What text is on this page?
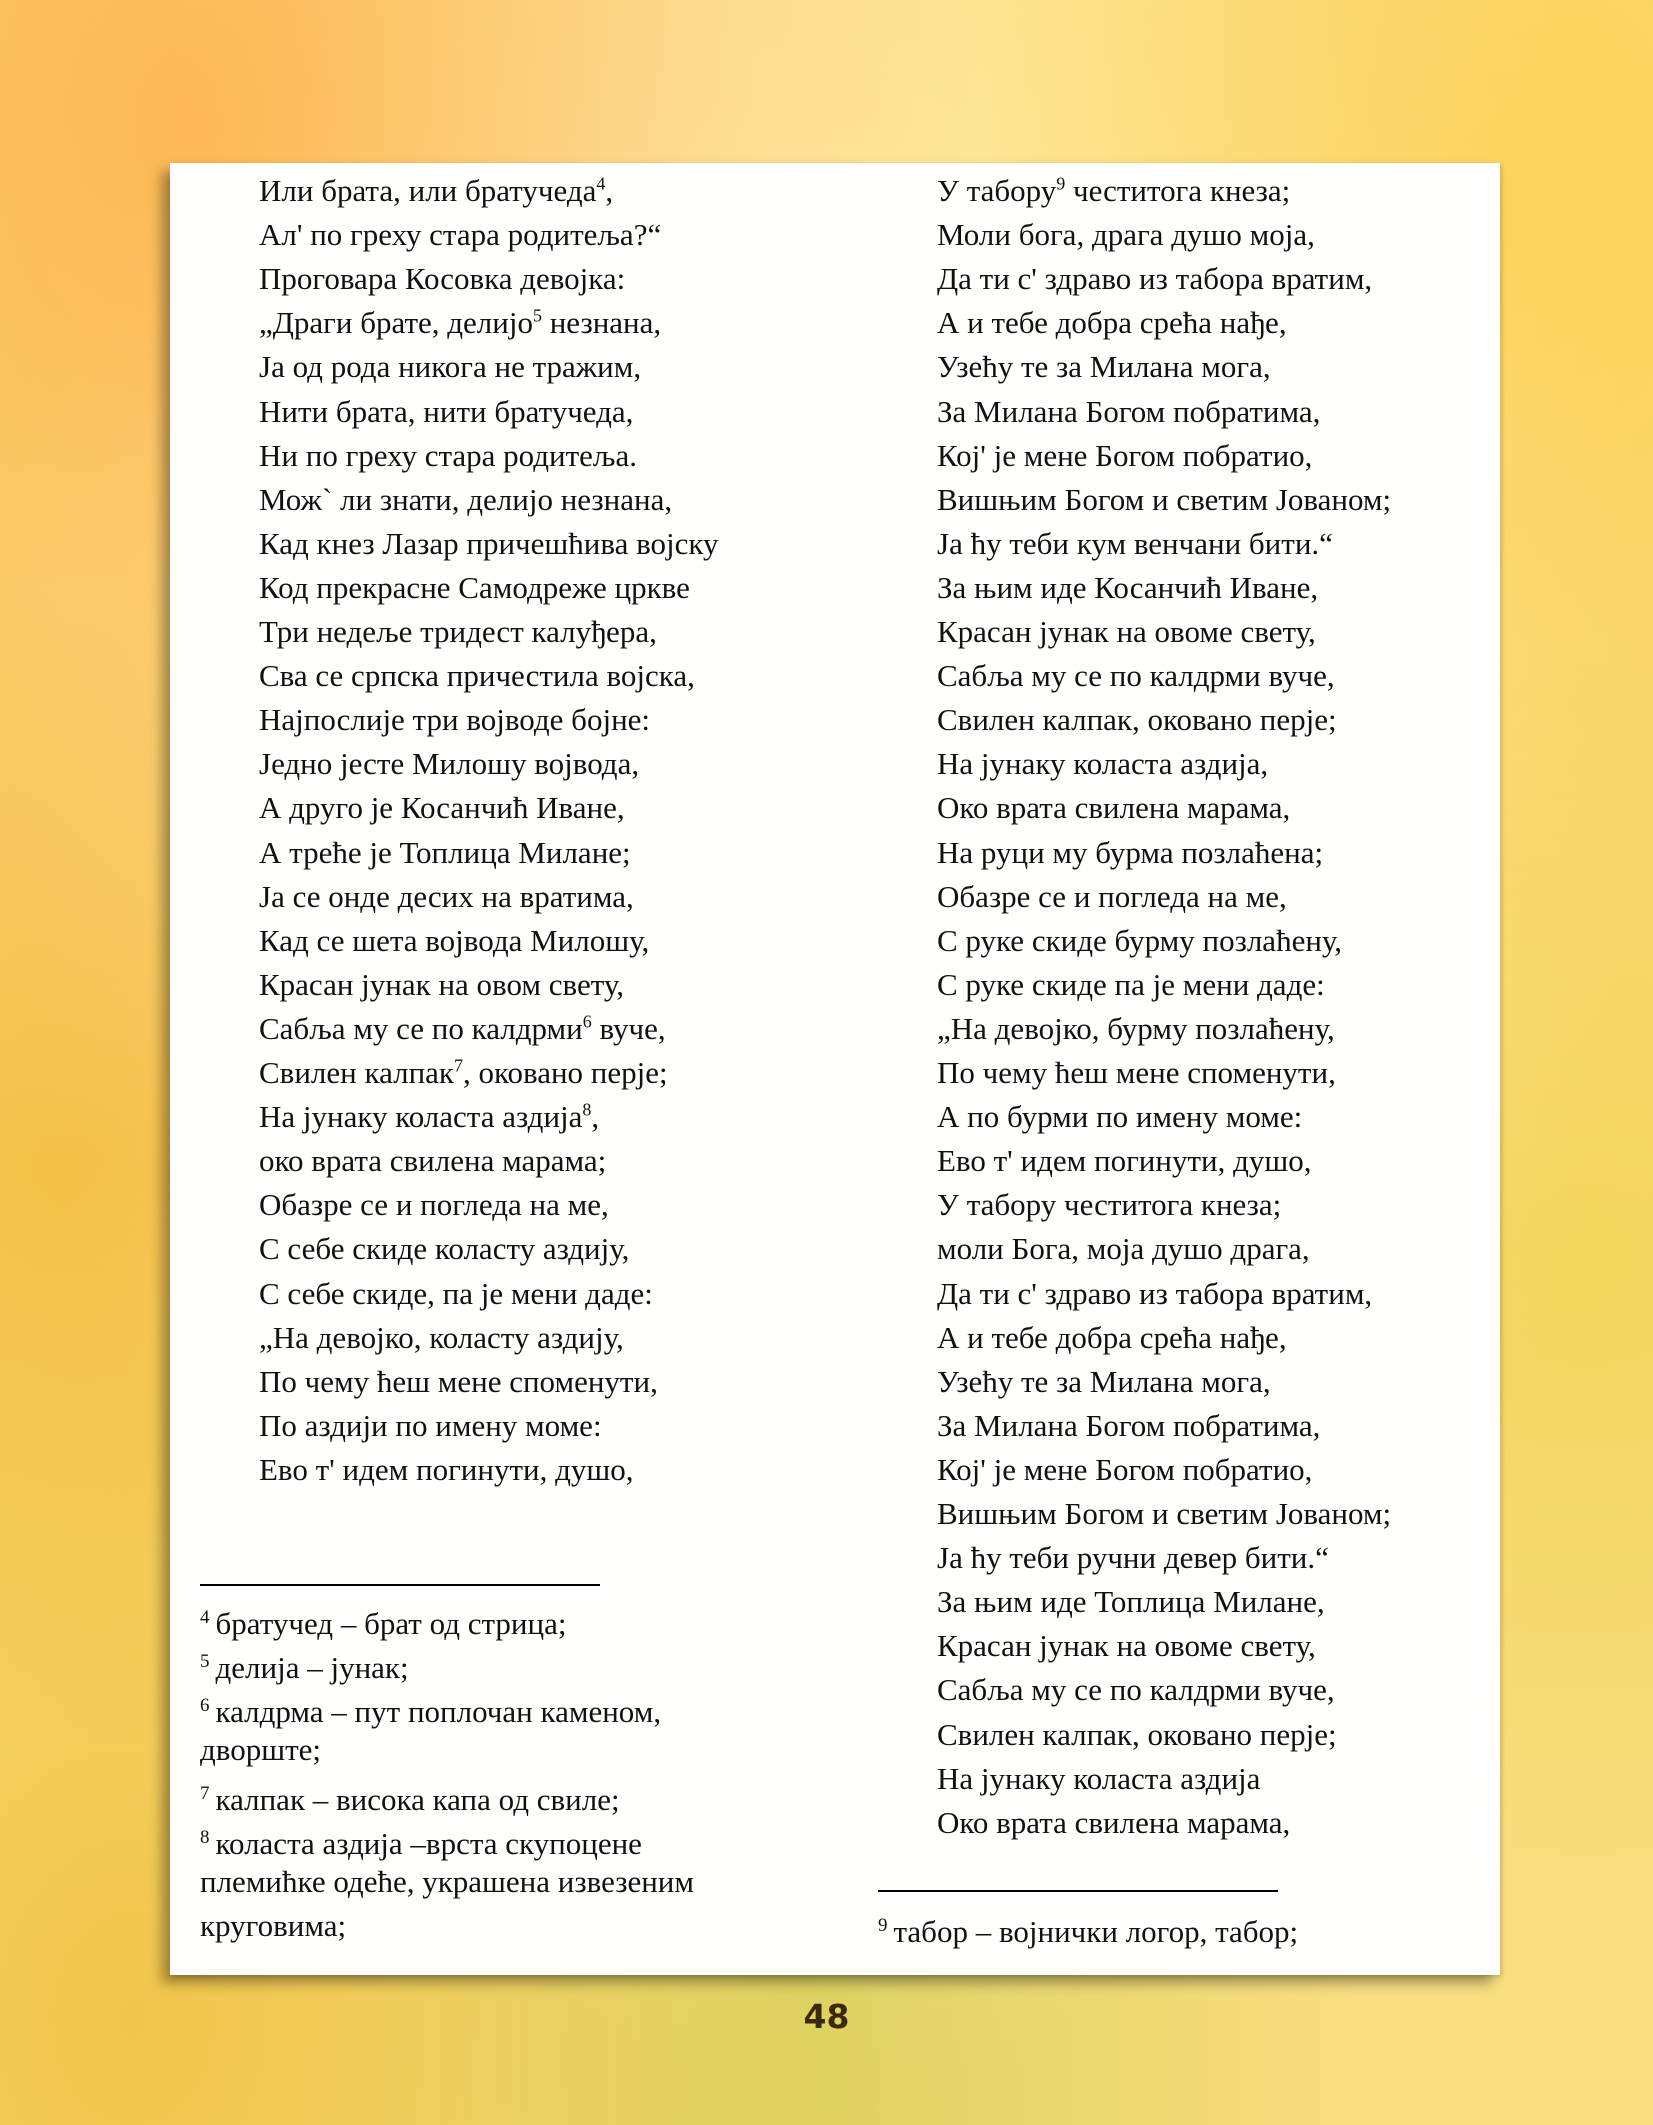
Или брата, или братучеда$^4$,
Ал' по греху стара родитеља?“
Проговара Косовка девојка:
„Драги брате, делијо$^5$ незнана,
Ја од рода никога не тражим,
Нити брата, нити братучеда,
Ни по греху стара родитеља.
Мож` ли знати, делијо незнана,
Кад кнез Лазар причешћива војску
Код прекрасне Самодреже цркве
Три недеље тридест калуђера,
Сва се српска причестила војска,
Најпослије три војводе бојне:
Једно јесте Милошу војвода,
А друго је Косанчић Иване,
А треће је Топлица Милане;
Ја се онде десих на вратима,
Кад се шета војвода Милошу,
Красан јунак на овом свету,
Сабља му се по калдрми$^6$ вуче,
Свилен калпак$^7$, оковано перје;
На јунаку коласта аздија$^8$,
око врата свилена марама;
Обазре се и погледа на ме,
С себе скиде коласту аздију,
С себе скиде, па је мени даде:
„На девојко, коласту аздију,
По чему ћеш мене споменути,
По аздији по имену моме:
Ево т' идем погинути, душо,
У табору$^9$ честитога кнеза;
Моли бога, драга душо моја,
Да ти с' здраво из табора вратим,
А и тебе добра срећа нађе,
Узећу те за Милана мога,
За Милана Богом побратима,
Кој' је мене Богом побратио,
Вишњим Богом и светим Јованом;
Ја ћу теби кум венчани бити.“
За њим иде Косанчић Иване,
Красан јунак на овоме свету,
Сабља му се по калдрми вуче,
Свилен калпак, оковано перје;
На јунаку коласта аздија,
Око врата свилена марама,
На руци му бурма позлаћена;
Обазре се и погледа на ме,
С руке скиде бурму позлаћену,
С руке скиде па је мени даде:
„На девојко, бурму позлаћену,
По чему ћеш мене споменути,
А по бурми по имену моме:
Ево т' идем погинути, душо,
У табору честитога кнеза;
моли Бога, моја душо драга,
Да ти с' здраво из табора вратим,
А и тебе добра срећа нађе,
Узећу те за Милана мога,
За Милана Богом побратима,
Кој' је мене Богом побратио,
Вишњим Богом и светим Јованом;
Ја ћу теби ручни девер бити.“
За њим иде Топлица Милане,
Красан јунак на овоме свету,
Сабља му се по калдрми вуче,
Свилен калпак, оковано перје;
На јунаку коласта аздија
Око врата свилена марама,
$^4$ братучед – брат од стрица;
$^5$ делија – јунак;
$^6$ калдрма – пут поплочан каменом,
дворште;
$^7$ калпак – висока капа од свиле;
$^8$ коласта аздија –врста скупоцене
племићке одеће, украшена извезеним
круговима;	$^9$ табор – војнички логор, табор;
48
